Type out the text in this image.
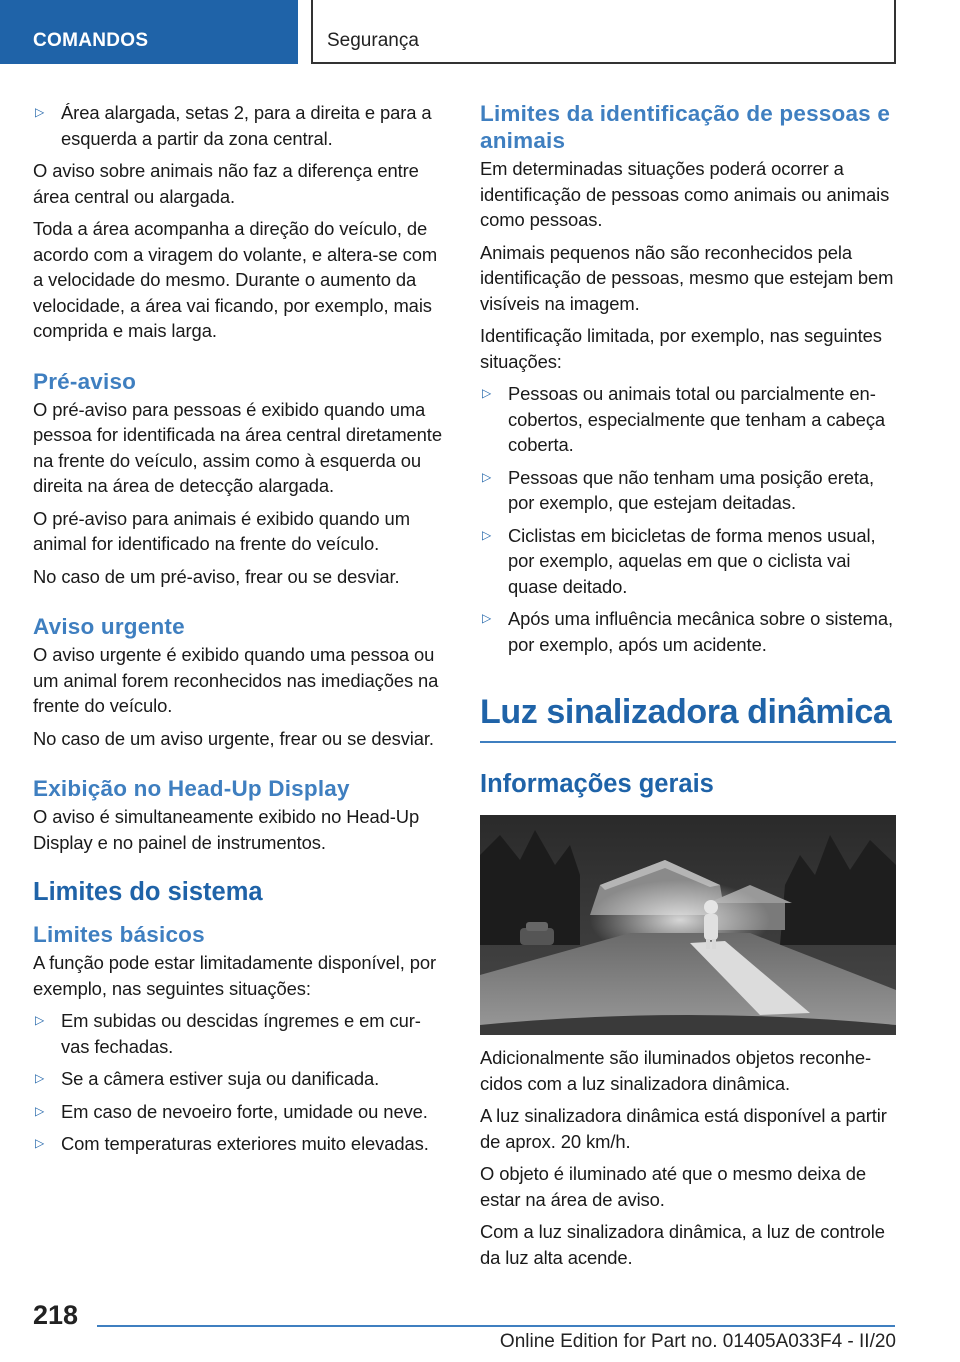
COMANDOS	Segurança
▷ Área alargada, setas 2, para a direita e para a esquerda a partir da zona central.

O aviso sobre animais não faz a diferença entre área central ou alargada.

Toda a área acompanha a direção do veículo, de acordo com a viragem do volante, e altera-se com a velocidade do mesmo. Durante o aumento da velocidade, a área vai ficando, por exemplo, mais comprida e mais larga.

Pré-aviso

O pré-aviso para pessoas é exibido quando uma pessoa for identificada na área central diretamente na frente do veículo, assim como à esquerda ou direita na área de detecção alargada.

O pré-aviso para animais é exibido quando um animal for identificado na frente do veículo.

No caso de um pré-aviso, frear ou se desviar.

Aviso urgente

O aviso urgente é exibido quando uma pessoa ou um animal forem reconhecidos nas imediações na frente do veículo.

No caso de um aviso urgente, frear ou se desviar.

Exibição no Head-Up Display

O aviso é simultaneamente exibido no Head-Up Display e no painel de instrumentos.

Limites do sistema
Limites básicos

A função pode estar limitadamente disponível, por exemplo, nas seguintes situações:

▷ Em subidas ou descidas íngremes e em curvas fechadas.
▷ Se a câmera estiver suja ou danificada.
▷ Em caso de nevoeiro forte, umidade ou neve.
▷ Com temperaturas exteriores muito elevadas.
Limites da identificação de pessoas e animais

Em determinadas situações poderá ocorrer a identificação de pessoas como animais ou animais como pessoas.

Animais pequenos não são reconhecidos pela identificação de pessoas, mesmo que estejam bem visíveis na imagem.

Identificação limitada, por exemplo, nas seguintes situações:

▷ Pessoas ou animais total ou parcialmente encobertos, especialmente que tenham a cabeça coberta.
▷ Pessoas que não tenham uma posição ereta, por exemplo, que estejam deitadas.
▷ Ciclistas em bicicletas de forma menos usual, por exemplo, aquelas em que o ciclista vai quase deitado.
▷ Após uma influência mecânica sobre o sistema, por exemplo, após um acidente.
Luz sinalizadora dinâmica
Informações gerais

Adicionalmente são iluminados objetos reconhecidos com a luz sinalizadora dinâmica.

A luz sinalizadora dinâmica está disponível a partir de aprox. 20 km/h.

O objeto é iluminado até que o mesmo deixa de estar na área de aviso.

Com a luz sinalizadora dinâmica, a luz de controle da luz alta acende.

218
Online Edition for Part no. 01405A033F4 - II/20
